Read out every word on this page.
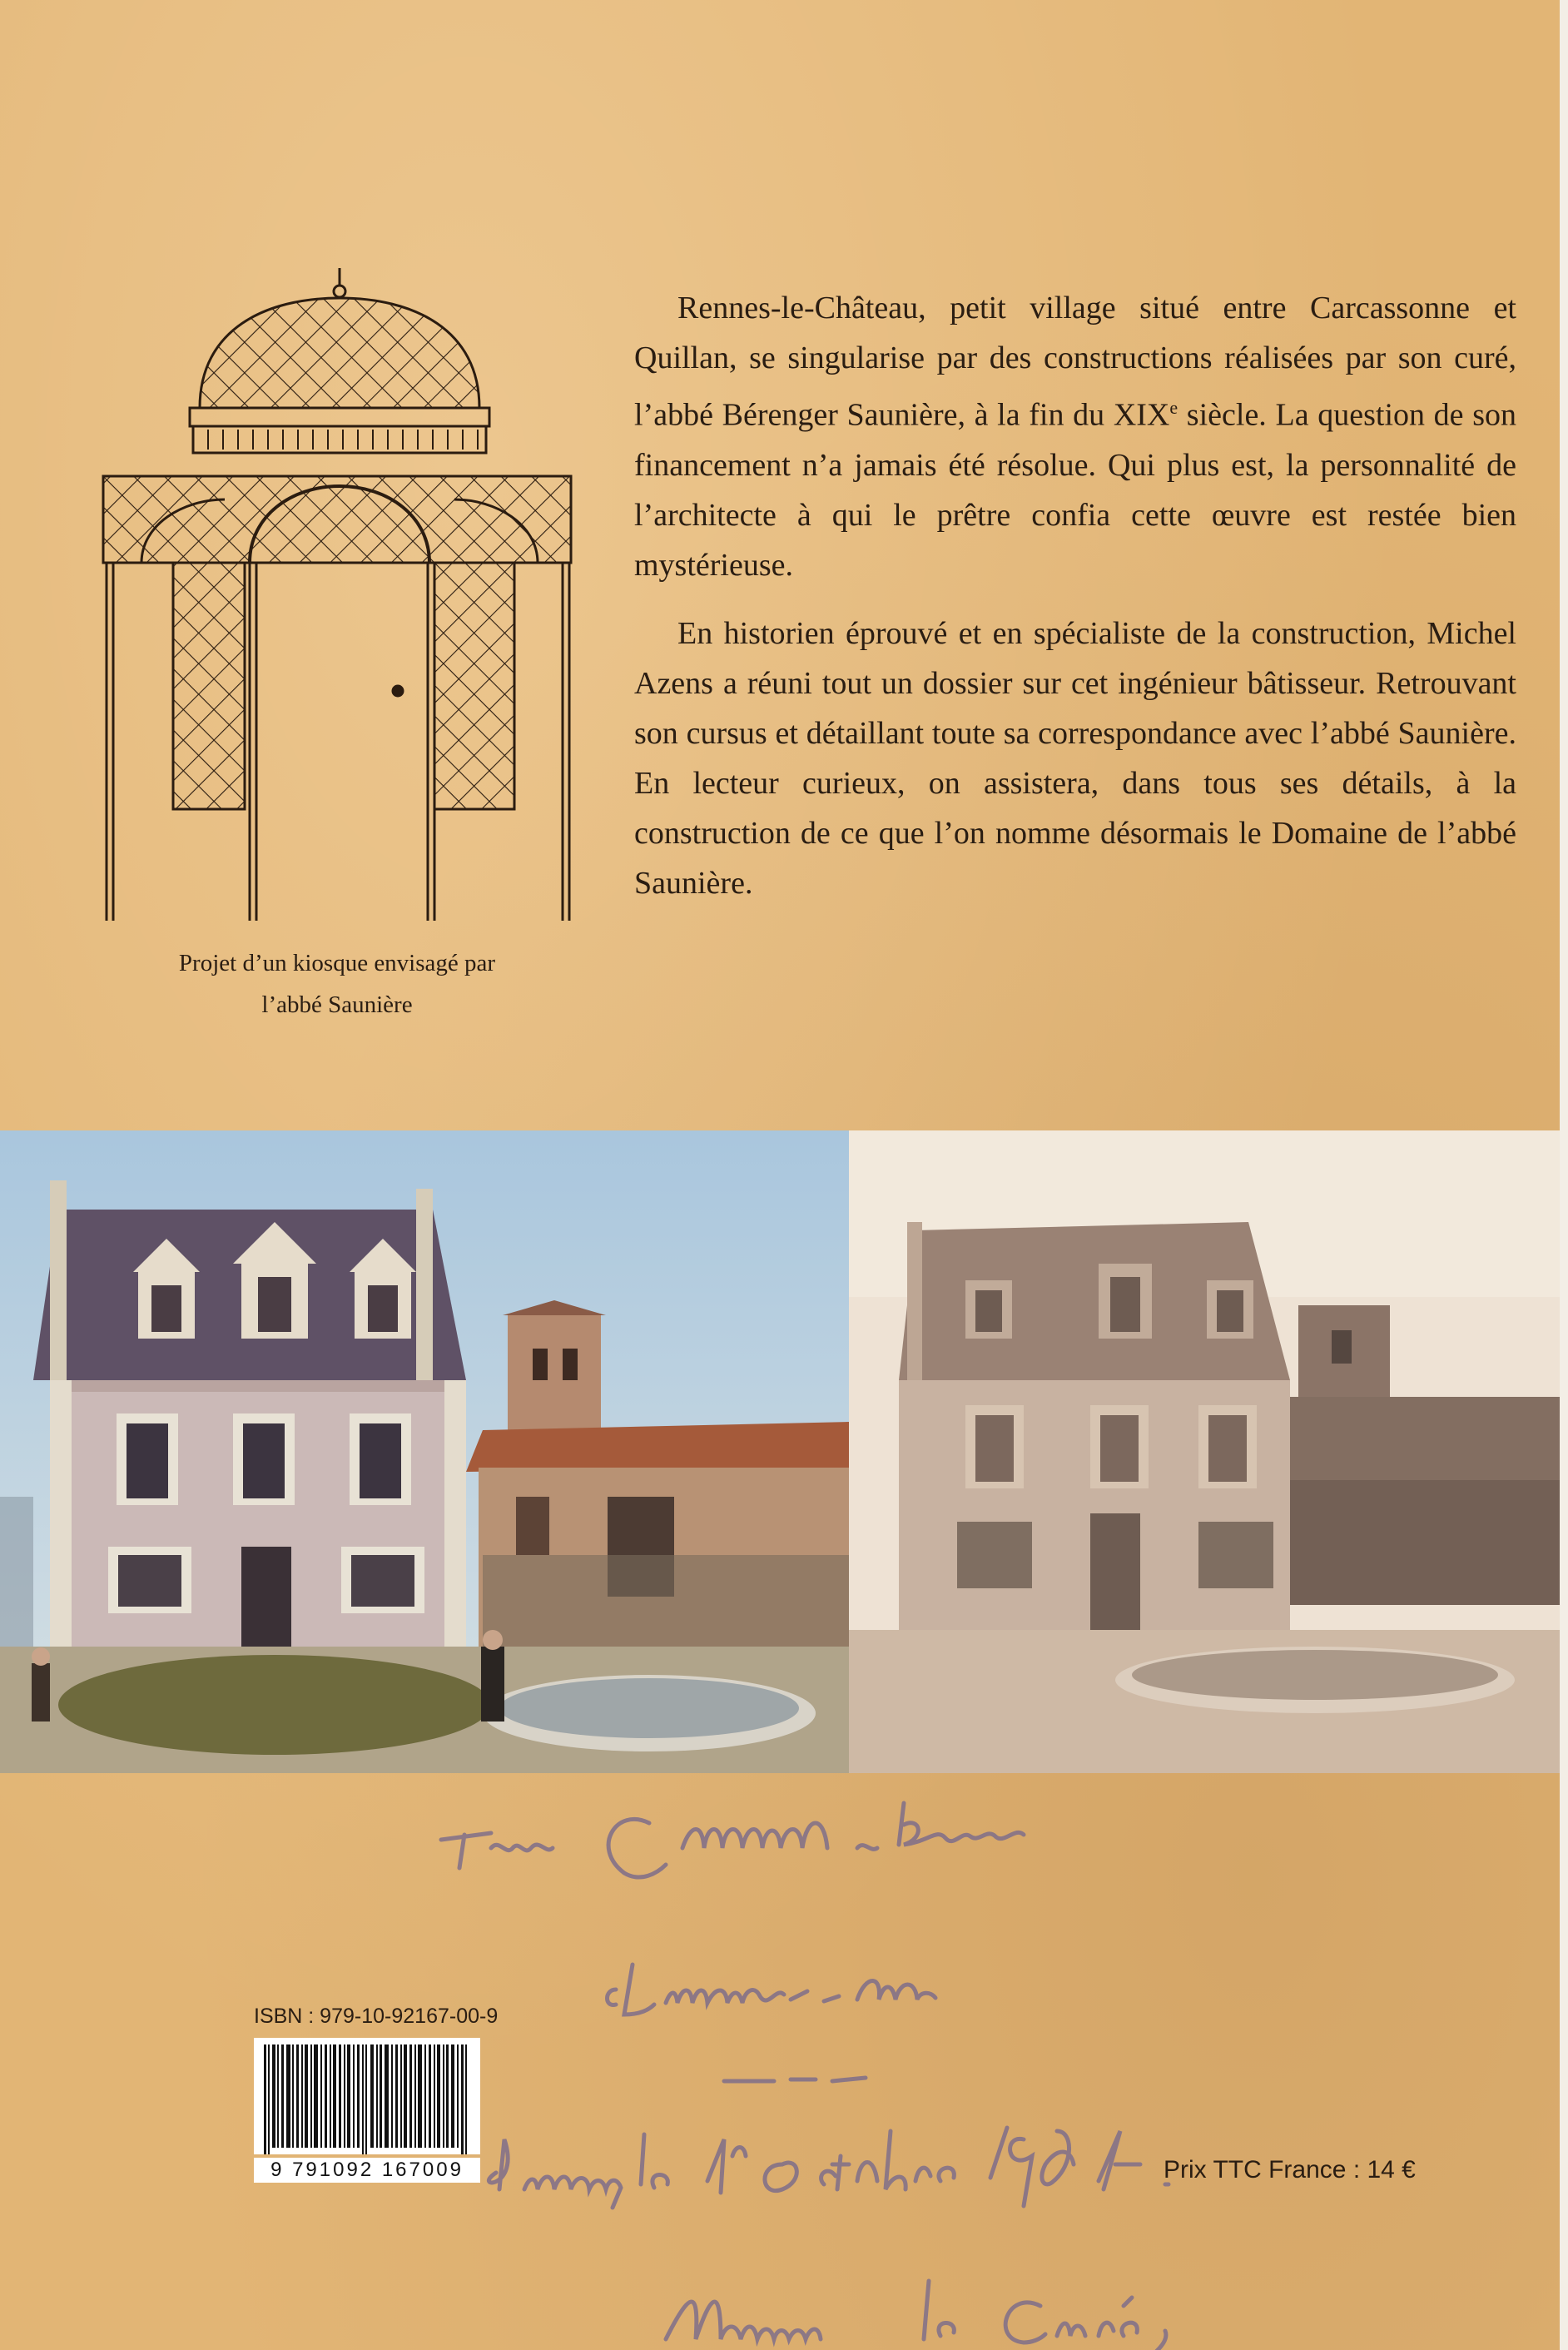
Projet d’un kiosque envisagé par
l’abbé Saunière

Rennes-le-Château, petit village situé entre Carcassonne et Quillan, se singularise par des constructions réalisées par son curé, l’abbé Bérenger Saunière, à la fin du XIXe siècle. La question de son financement n’a jamais été résolue. Qui plus est, la personnalité de l’architecte à qui le prêtre confia cette œuvre est restée bien mystérieuse.

En historien éprouvé et en spécialiste de la construction, Michel Azens a réuni tout un dossier sur cet ingénieur bâtisseur. Retrouvant son cursus et détaillant toute sa correspondance avec l’abbé Saunière. En lecteur curieux, on assistera, dans tous ses détails, à la construction de ce que l’on nomme désormais le Domaine de l’abbé Saunière.

ISBN : 979-10-92167-00-9
9 791092 167009	Prix TTC France : 14 €
